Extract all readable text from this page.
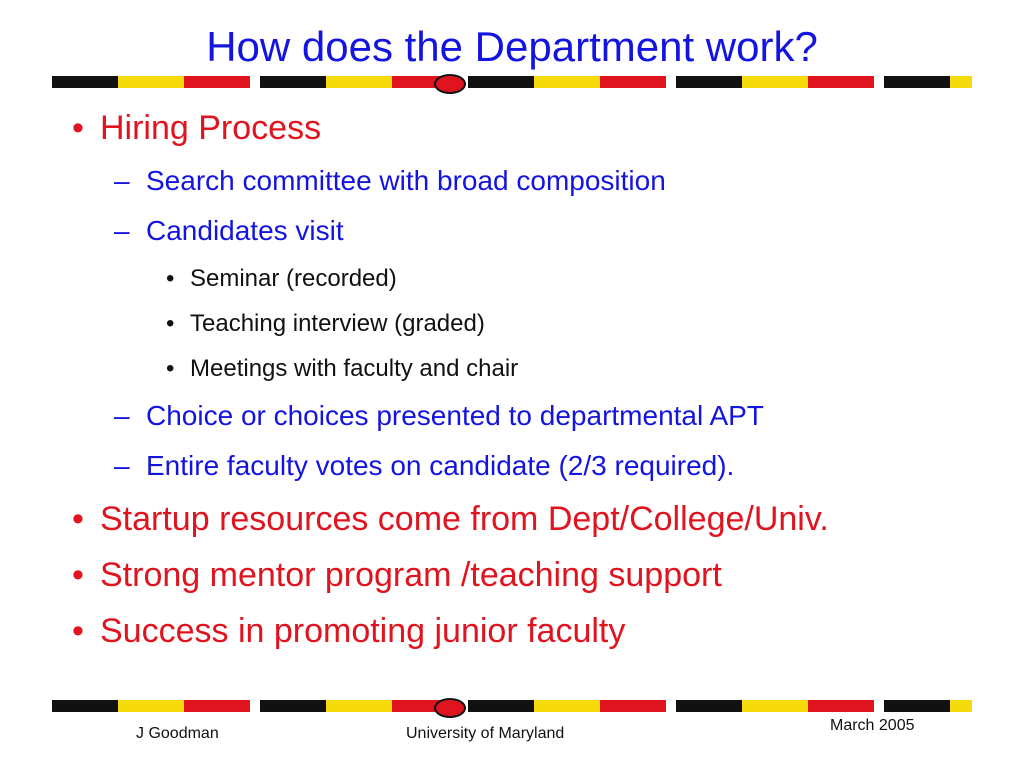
How does the Department work?
• Hiring Process
– Search committee with broad composition
– Candidates visit
• Seminar (recorded)
• Teaching interview (graded)
• Meetings with faculty and chair
– Choice or choices presented to departmental APT
– Entire faculty votes on candidate (2/3 required).
• Startup resources come from Dept/College/Univ.
• Strong mentor program /teaching support
• Success in promoting junior faculty
J Goodman	University of Maryland	March 2005
